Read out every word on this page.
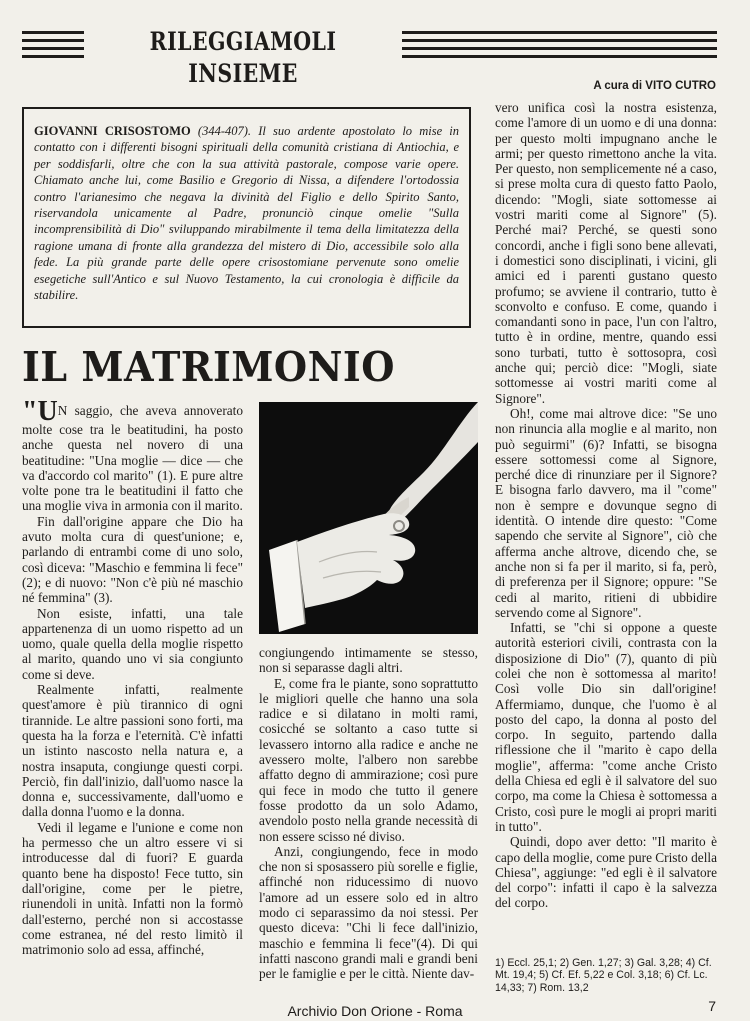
RILEGGIAMOLI INSIEME	A cura di VITO CUTRO
GIOVANNI CRISOSTOMO (344-407). Il suo ardente apostolato lo mise in contatto con i differenti bisogni spirituali della comunità cristiana di Antiochia, e per soddisfarli, oltre che con la sua attività pastorale, compose varie opere. Chiamato anche lui, come Basilio e Gregorio di Nissa, a difendere l'ortodossia contro l'arianesimo che negava la divinità del Figlio e dello Spirito Santo, riservandola unicamente al Padre, pronunciò cinque omelie "Sulla incomprensibilità di Dio" sviluppando mirabilmente il tema della limitatezza della ragione umana di fronte alla grandezza del mistero di Dio, accessibile solo alla fede. La più grande parte delle opere crisostomiane pervenute sono omelie esegetiche sull'Antico e sul Nuovo Testamento, la cui cronologia è difficile da stabilire.
IL MATRIMONIO

"UN saggio, che aveva annoverato molte cose tra le beatitudini, ha posto anche questa nel novero di una beatitudine: "Una moglie — dice — che va d'accordo col marito" (1). E pure altre volte pone tra le beatitudini il fatto che una moglie viva in armonia con il marito.

Fin dall'origine appare che Dio ha avuto molta cura di quest'unione; e, parlando di entrambi come di uno solo, così diceva: "Maschio e femmina li fece" (2); e di nuovo: "Non c'è più né maschio né femmina" (3).

Non esiste, infatti, una tale appartenenza di un uomo rispetto ad un uomo, quale quella della moglie rispetto al marito, quando uno vi sia congiunto come si deve.

Realmente infatti, realmente quest'amore è più tirannico di ogni tirannide. Le altre passioni sono forti, ma questa ha la forza e l'eternità. C'è infatti un istinto nascosto nella natura e, a nostra insaputa, congiunge questi corpi. Perciò, fin dall'inizio, dall'uomo nasce la donna e, successivamente, dall'uomo e dalla donna l'uomo e la donna.

Vedi il legame e l'unione e come non ha permesso che un altro essere vi si introducesse dal di fuori? E guarda quanto bene ha disposto! Fece tutto, sin dall'origine, come per le pietre, riunendoli in unità. Infatti non la formò dall'esterno, perché non si accostasse come estranea, né del resto limitò il matrimonio solo ad essa, affinché,

congiungendo intimamente se stesso, non si separasse dagli altri.

E, come fra le piante, sono soprattutto le migliori quelle che hanno una sola radice e si dilatano in molti rami, cosicché se soltanto a caso tutte si levassero intorno alla radice e anche ne avessero molte, l'albero non sarebbe affatto degno di ammirazione; così pure qui fece in modo che tutto il genere fosse prodotto da un solo Adamo, avendolo posto nella grande necessità di non essere scisso né diviso.

Anzi, congiungendo, fece in modo che non si sposassero più sorelle e figlie, affinché non riducessimo di nuovo l'amore ad un essere solo ed in altro modo ci separassimo da noi stessi. Per questo diceva: "Chi li fece dall'inizio, maschio e femmina li fece"(4). Di qui infatti nascono grandi mali e grandi beni per le famiglie e per le città. Niente dav-

vero unifica così la nostra esistenza, come l'amore di un uomo e di una donna: per questo molti impugnano anche le armi; per questo rimettono anche la vita. Per questo, non semplicemente né a caso, si prese molta cura di questo fatto Paolo, dicendo: "Mogli, siate sottomesse ai vostri mariti come al Signore" (5). Perché mai? Perché, se questi sono concordi, anche i figli sono bene allevati, i domestici sono disciplinati, i vicini, gli amici ed i parenti gustano questo profumo; se avviene il contrario, tutto è sconvolto e confuso. E come, quando i comandanti sono in pace, l'un con l'altro, tutto è in ordine, mentre, quando essi sono turbati, tutto è sottosopra, così anche qui; perciò dice: "Mogli, siate sottomesse ai vostri mariti come al Signore".

Oh!, come mai altrove dice: "Se uno non rinuncia alla moglie e al marito, non può seguirmi" (6)? Infatti, se bisogna essere sottomessi come al Signore, perché dice di rinunziare per il Signore? E bisogna farlo davvero, ma il "come" non è sempre e dovunque segno di identità. O intende dire questo: "Come sapendo che servite al Signore", ciò che afferma anche altrove, dicendo che, se anche non si fa per il marito, si fa, però, di preferenza per il Signore; oppure: "Se cedi al marito, ritieni di ubbidire servendo come al Signore".

Infatti, se "chi si oppone a queste autorità esteriori civili, contrasta con la disposizione di Dio" (7), quanto di più colei che non è sottomessa al marito! Così volle Dio sin dall'origine! Affermiamo, dunque, che l'uomo è al posto del capo, la donna al posto del corpo. In seguito, partendo dalla riflessione che il "marito è capo della moglie", afferma: "come anche Cristo della Chiesa ed egli è il salvatore del suo corpo, ma come la Chiesa è sottomessa a Cristo, così pure le mogli ai propri mariti in tutto".

Quindi, dopo aver detto: "Il marito è capo della moglie, come pure Cristo della Chiesa", aggiunge: "ed egli è il salvatore del corpo": infatti il capo è la salvezza del corpo.

1) Eccl. 25,1; 2) Gen. 1,27; 3) Gal. 3,28; 4) Cf. Mt. 19,4; 5) Cf. Ef. 5,22 e Col. 3,18; 6) Cf. Lc. 14,33; 7) Rom. 13,2
7
Archivio Don Orione - Roma
